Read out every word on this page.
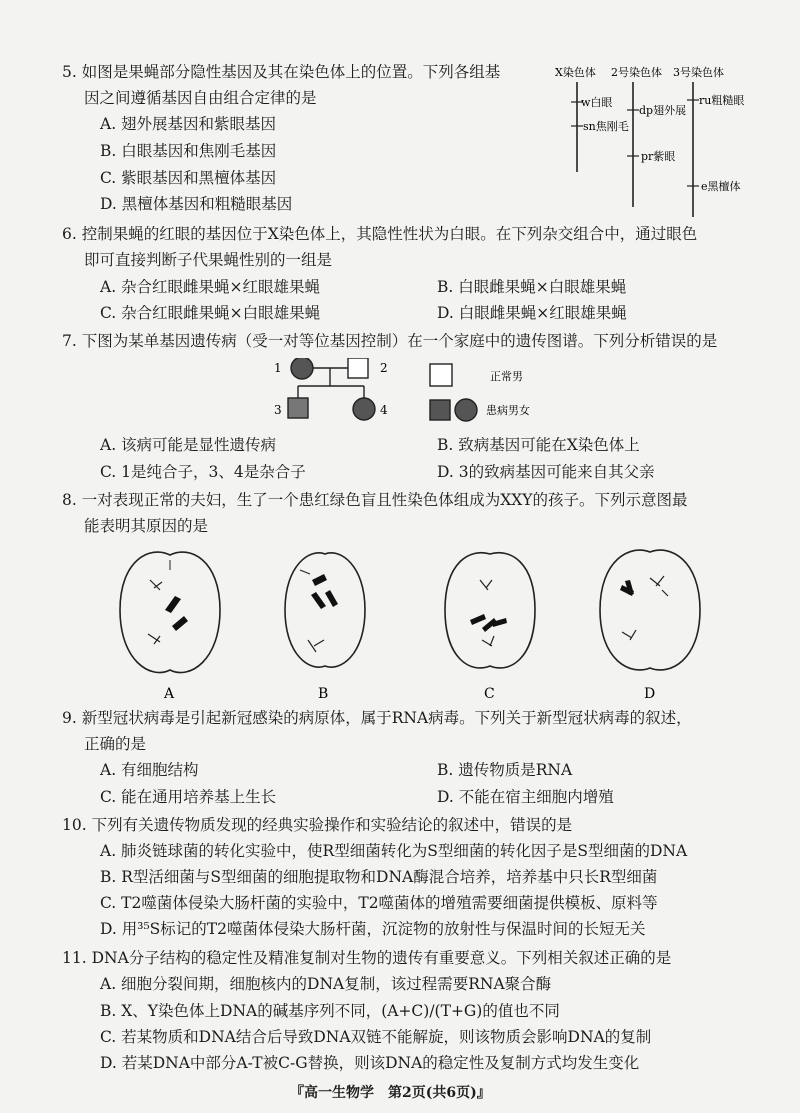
5. 如图是果蝇部分隐性基因及其在染色体上的位置。下列各组基
因之间遵循基因自由组合定律的是
A. 翅外展基因和紫眼基因
B. 白眼基因和焦刚毛基因
C. 紫眼基因和黑檀体基因
D. 黑檀体基因和粗糙眼基因
X染色体 2号染色体 3号染色体
w白眼
sn焦刚毛
dp翅外展
pr紫眼
ru粗糙眼
e黑檀体
6. 控制果蝇的红眼的基因位于X染色体上，其隐性性状为白眼。在下列杂交组合中，通过眼色
即可直接判断子代果蝇性别的一组是
A. 杂合红眼雌果蝇×红眼雄果蝇	B. 白眼雌果蝇×白眼雄果蝇
C. 杂合红眼雌果蝇×白眼雄果蝇	D. 白眼雌果蝇×红眼雄果蝇
7. 下图为某单基因遗传病（受一对等位基因控制）在一个家庭中的遗传图谱。下列分析错误的是
1	2
3	4
正常男
患病男女
A. 该病可能是显性遗传病	B. 致病基因可能在X染色体上
C. 1是纯合子，3、4是杂合子	D. 3的致病基因可能来自其父亲
8. 一对表现正常的夫妇，生了一个患红绿色盲且性染色体组成为XXY的孩子。下列示意图最
能表明其原因的是
A	B	C	D
9. 新型冠状病毒是引起新冠感染的病原体，属于RNA病毒。下列关于新型冠状病毒的叙述，
正确的是
A. 有细胞结构	B. 遗传物质是RNA
C. 能在通用培养基上生长	D. 不能在宿主细胞内增殖
10. 下列有关遗传物质发现的经典实验操作和实验结论的叙述中，错误的是
A. 肺炎链球菌的转化实验中，使R型细菌转化为S型细菌的转化因子是S型细菌的DNA
B. R型活细菌与S型细菌的细胞提取物和DNA酶混合培养，培养基中只长R型细菌
C. T2噬菌体侵染大肠杆菌的实验中，T2噬菌体的增殖需要细菌提供模板、原料等
D. 用³⁵S标记的T2噬菌体侵染大肠杆菌，沉淀物的放射性与保温时间的长短无关
11. DNA分子结构的稳定性及精准复制对生物的遗传有重要意义。下列相关叙述正确的是
A. 细胞分裂间期，细胞核内的DNA复制，该过程需要RNA聚合酶
B. X、Y染色体上DNA的碱基序列不同，(A+C)/(T+G)的值也不同
C. 若某物质和DNA结合后导致DNA双链不能解旋，则该物质会影响DNA的复制
D. 若某DNA中部分A-T被C-G替换，则该DNA的稳定性及复制方式均发生变化
『高一生物学　第2页(共6页)』
